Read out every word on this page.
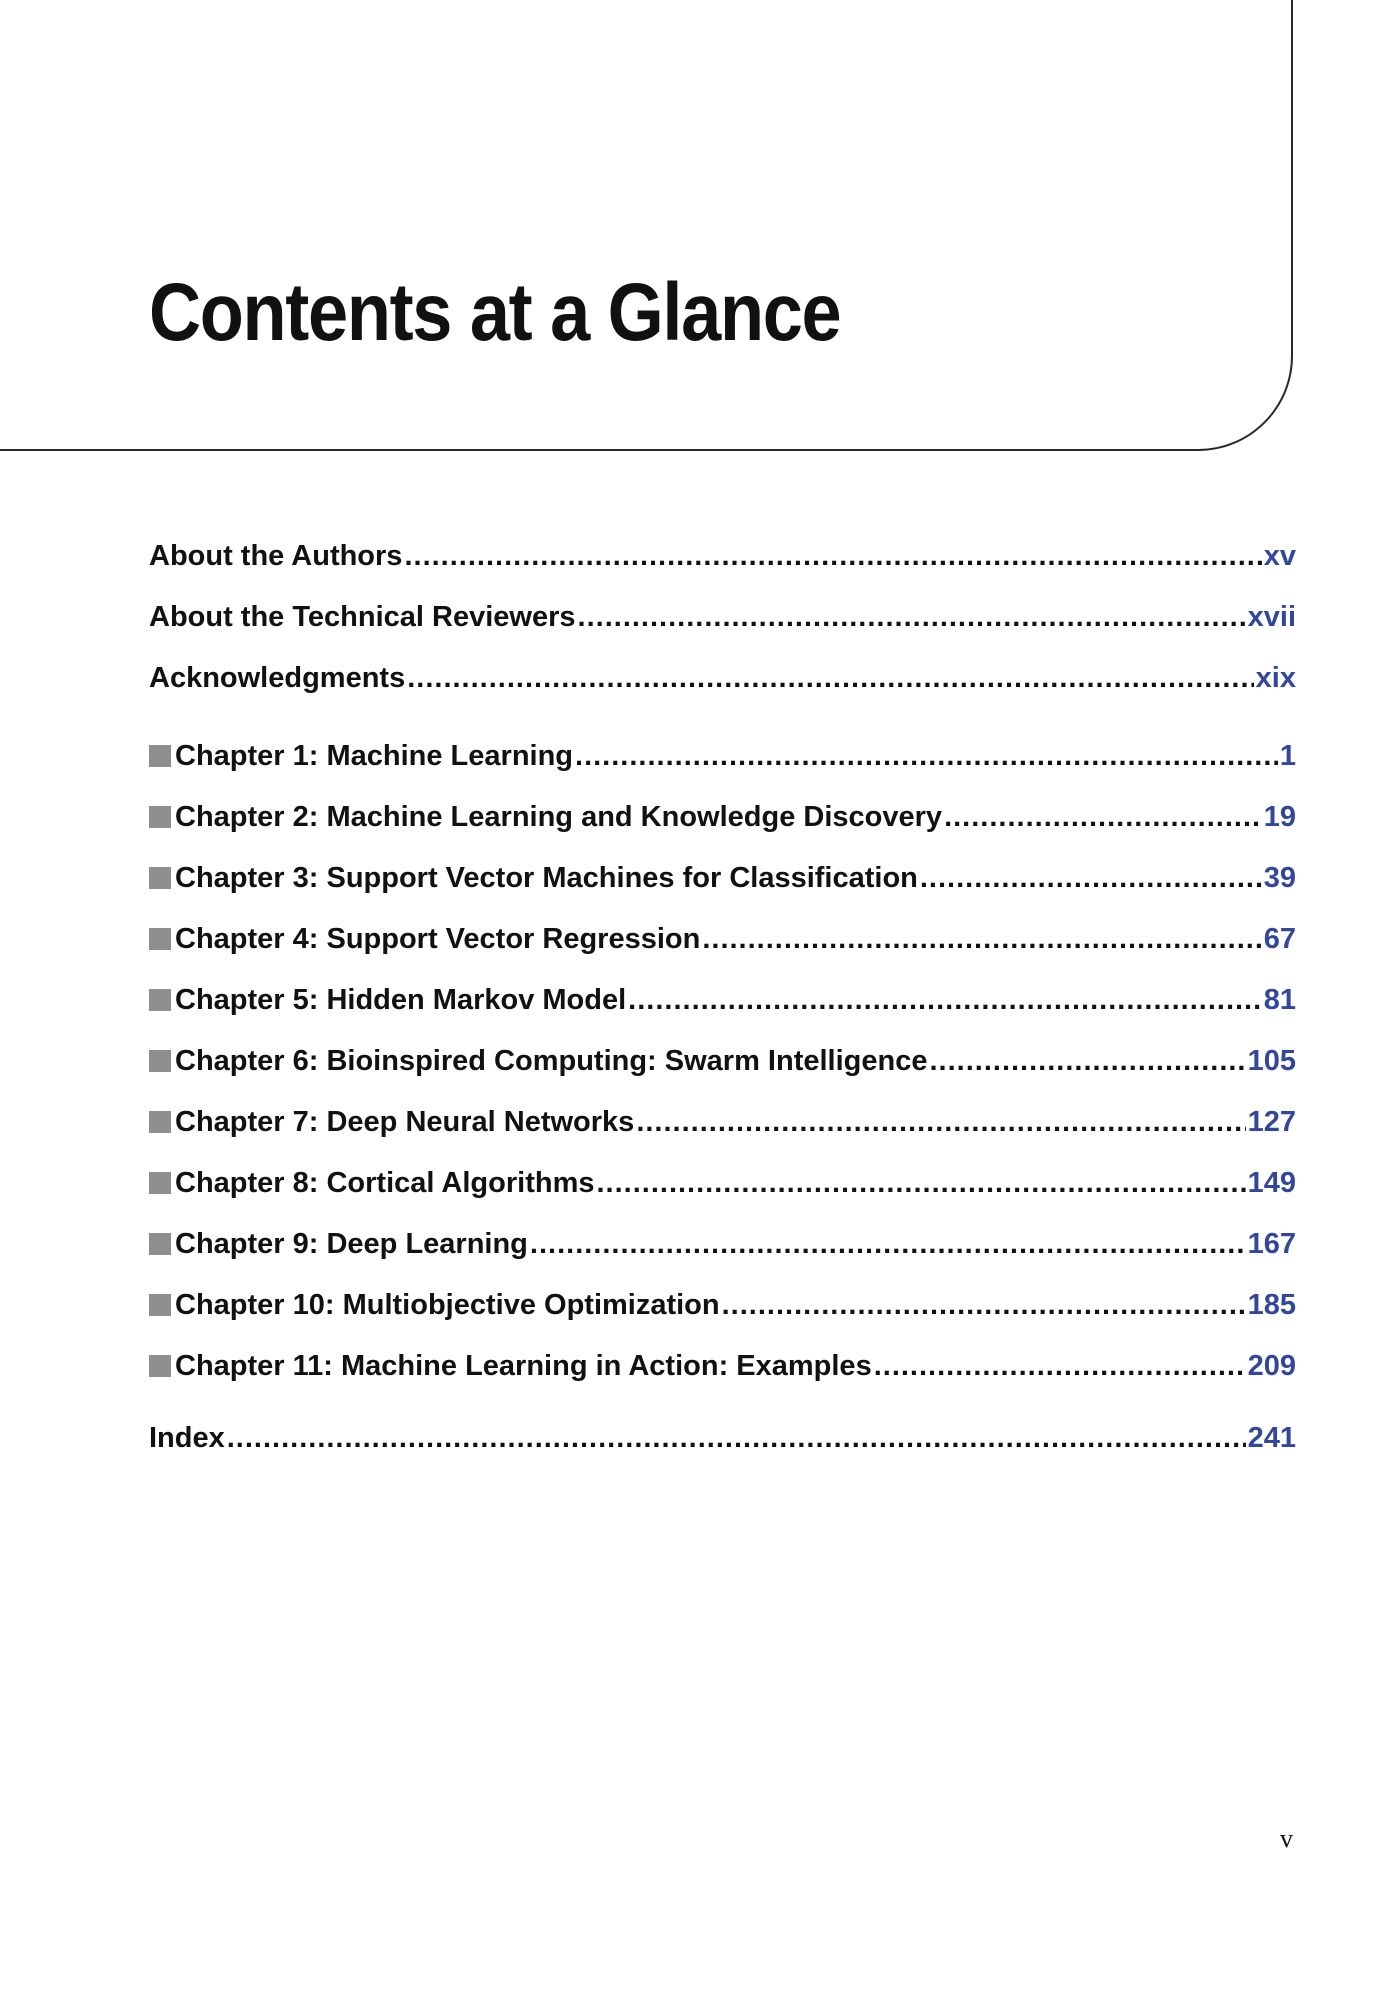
Contents at a Glance
About the Authors .....	xv
About the Technical Reviewers .....	xvii
Acknowledgments .....	xix
Chapter 1: Machine Learning .....	1
Chapter 2: Machine Learning and Knowledge Discovery .....	19
Chapter 3: Support Vector Machines for Classification .....	39
Chapter 4: Support Vector Regression .....	67
Chapter 5: Hidden Markov Model .....	81
Chapter 6: Bioinspired Computing: Swarm Intelligence .....	105
Chapter 7: Deep Neural Networks .....	127
Chapter 8: Cortical Algorithms .....	149
Chapter 9: Deep Learning .....	167
Chapter 10: Multiobjective Optimization .....	185
Chapter 11: Machine Learning in Action: Examples .....	209
Index .....	241
v
